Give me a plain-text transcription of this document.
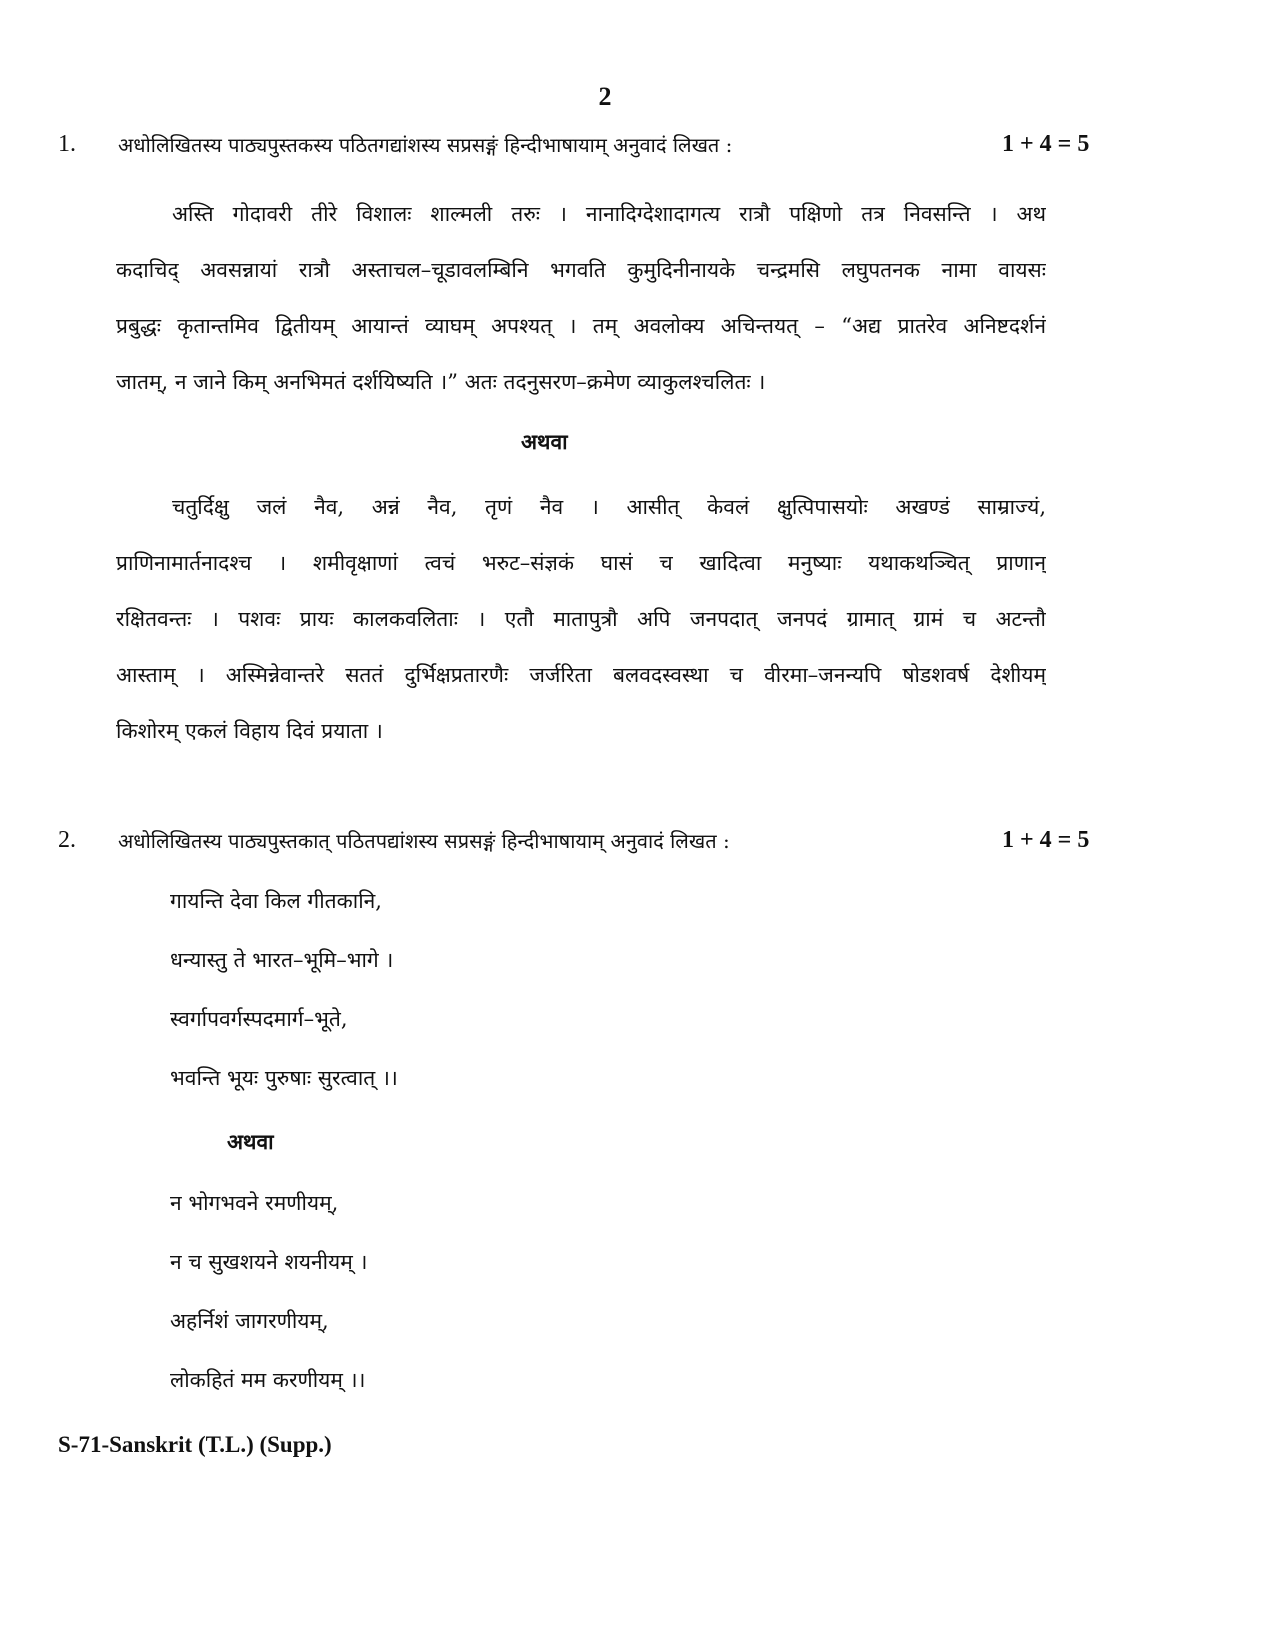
2
1. अधोलिखितस्य पाठ्यपुस्तकस्य पठितगद्यांशस्य सप्रसङ्गं हिन्दीभाषायाम् अनुवादं लिखत :	1 + 4 = 5
अस्ति गोदावरी तीरे विशालः शाल्मली तरुः । नानादिग्देशादागत्य रात्रौ पक्षिणो तत्र निवसन्ति । अथ
कदाचिद् अवसन्नायां रात्रौ अस्ताचल–चूडावलम्बिनि भगवति कुमुदिनीनायके चन्द्रमसि लघुपतनक नामा वायसः
प्रबुद्धः कृतान्तमिव द्वितीयम् आयान्तं व्याघम् अपश्यत् । तम् अवलोक्य अचिन्तयत् – “अद्य प्रातरेव अनिष्टदर्शनं
जातम्, न जाने किम् अनभिमतं दर्शयिष्यति ।” अतः तदनुसरण–क्रमेण व्याकुलश्चलितः ।
अथवा
चतुर्दिक्षु जलं नैव, अन्नं नैव, तृणं नैव । आसीत् केवलं क्षुत्पिपासयोः अखण्डं साम्राज्यं,
प्राणिनामार्तनादश्च । शमीवृक्षाणां त्वचं भरुट–संज्ञकं घासं च खादित्वा मनुष्याः यथाकथञ्चित् प्राणान्
रक्षितवन्तः । पशवः प्रायः कालकवलिताः । एतौ मातापुत्रौ अपि जनपदात् जनपदं ग्रामात् ग्रामं च अटन्तौ
आस्ताम् । अस्मिन्नेवान्तरे सततं दुर्भिक्षप्रतारणैः जर्जरिता बलवदस्वस्था च वीरमा–जनन्यपि षोडशवर्ष देशीयम्
किशोरम् एकलं विहाय दिवं प्रयाता ।
2. अधोलिखितस्य पाठ्यपुस्तकात् पठितपद्यांशस्य सप्रसङ्गं हिन्दीभाषायाम् अनुवादं लिखत :	1 + 4 = 5
गायन्ति देवा किल गीतकानि,
धन्यास्तु ते भारत–भूमि–भागे ।
स्वर्गापवर्गस्पदमार्ग–भूते,
भवन्ति भूयः पुरुषाः सुरत्वात् ।।
अथवा
न भोगभवने रमणीयम्,
न च सुखशयने शयनीयम् ।
अहर्निशं जागरणीयम्,
लोकहितं मम करणीयम् ।।
S-71-Sanskrit (T.L.) (Supp.)
